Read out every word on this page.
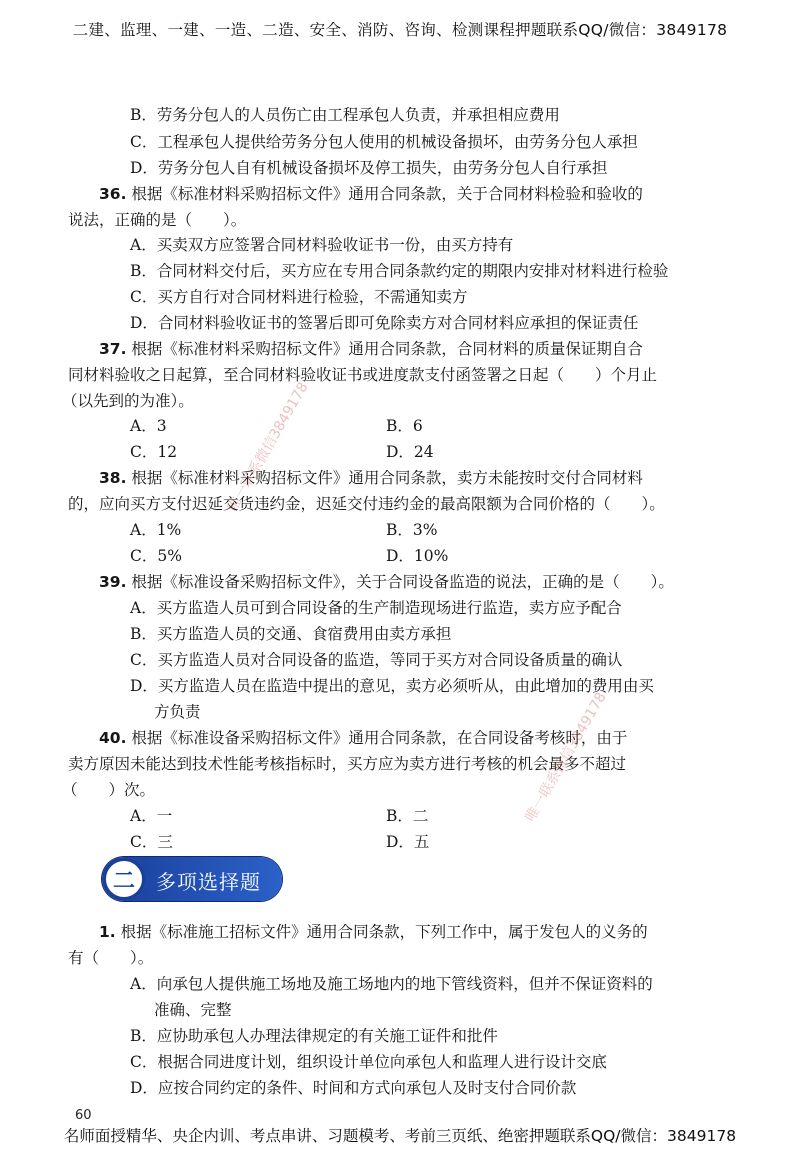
二建、监理、一建、一造、二造、安全、消防、咨询、检测课程押题联系QQ/微信：3849178
B．劳务分包人的人员伤亡由工程承包人负责，并承担相应费用
C．工程承包人提供给劳务分包人使用的机械设备损坏，由劳务分包人承担
D．劳务分包人自有机械设备损坏及停工损失，由劳务分包人自行承担
36. 根据《标准材料采购招标文件》通用合同条款，关于合同材料检验和验收的
说法，正确的是（　　）。
A．买卖双方应签署合同材料验收证书一份，由买方持有
B．合同材料交付后，买方应在专用合同条款约定的期限内安排对材料进行检验
C．买方自行对合同材料进行检验，不需通知卖方
D．合同材料验收证书的签署后即可免除卖方对合同材料应承担的保证责任
37. 根据《标准材料采购招标文件》通用合同条款，合同材料的质量保证期自合
同材料验收之日起算，至合同材料验收证书或进度款支付函签署之日起（　　）个月止
（以先到的为准）。
A．3	B．6
C．12	D．24
38. 根据《标准材料采购招标文件》通用合同条款，卖方未能按时交付合同材料
的，应向买方支付迟延交货违约金，迟延交付违约金的最高限额为合同价格的（　　）。
A．1%	B．3%
C．5%	D．10%
39. 根据《标准设备采购招标文件》，关于合同设备监造的说法，正确的是（　　）。
A．买方监造人员可到合同设备的生产制造现场进行监造，卖方应予配合
B．买方监造人员的交通、食宿费用由卖方承担
C．买方监造人员对合同设备的监造，等同于买方对合同设备质量的确认
D．买方监造人员在监造中提出的意见，卖方必须听从，由此增加的费用由买
方负责
40. 根据《标准设备采购招标文件》通用合同条款，在合同设备考核时，由于
卖方原因未能达到技术性能考核指标时，买方应为卖方进行考核的机会最多不超过
（　　）次。
A．一	B．二
C．三	D．五
二	多项选择题
1. 根据《标准施工招标文件》通用合同条款，下列工作中，属于发包人的义务的
有（　　）。
A．向承包人提供施工场地及施工场地内的地下管线资料，但并不保证资料的
准确、完整
B．应协助承包人办理法律规定的有关施工证件和批件
C．根据合同进度计划，组织设计单位向承包人和监理人进行设计交底
D．应按合同约定的条件、时间和方式向承包人及时支付合同价款
60
名师面授精华、央企内训、考点串讲、习题模考、考前三页纸、绝密押题联系QQ/微信：3849178
唯一联系微信3849178
唯一联系微信3849178
